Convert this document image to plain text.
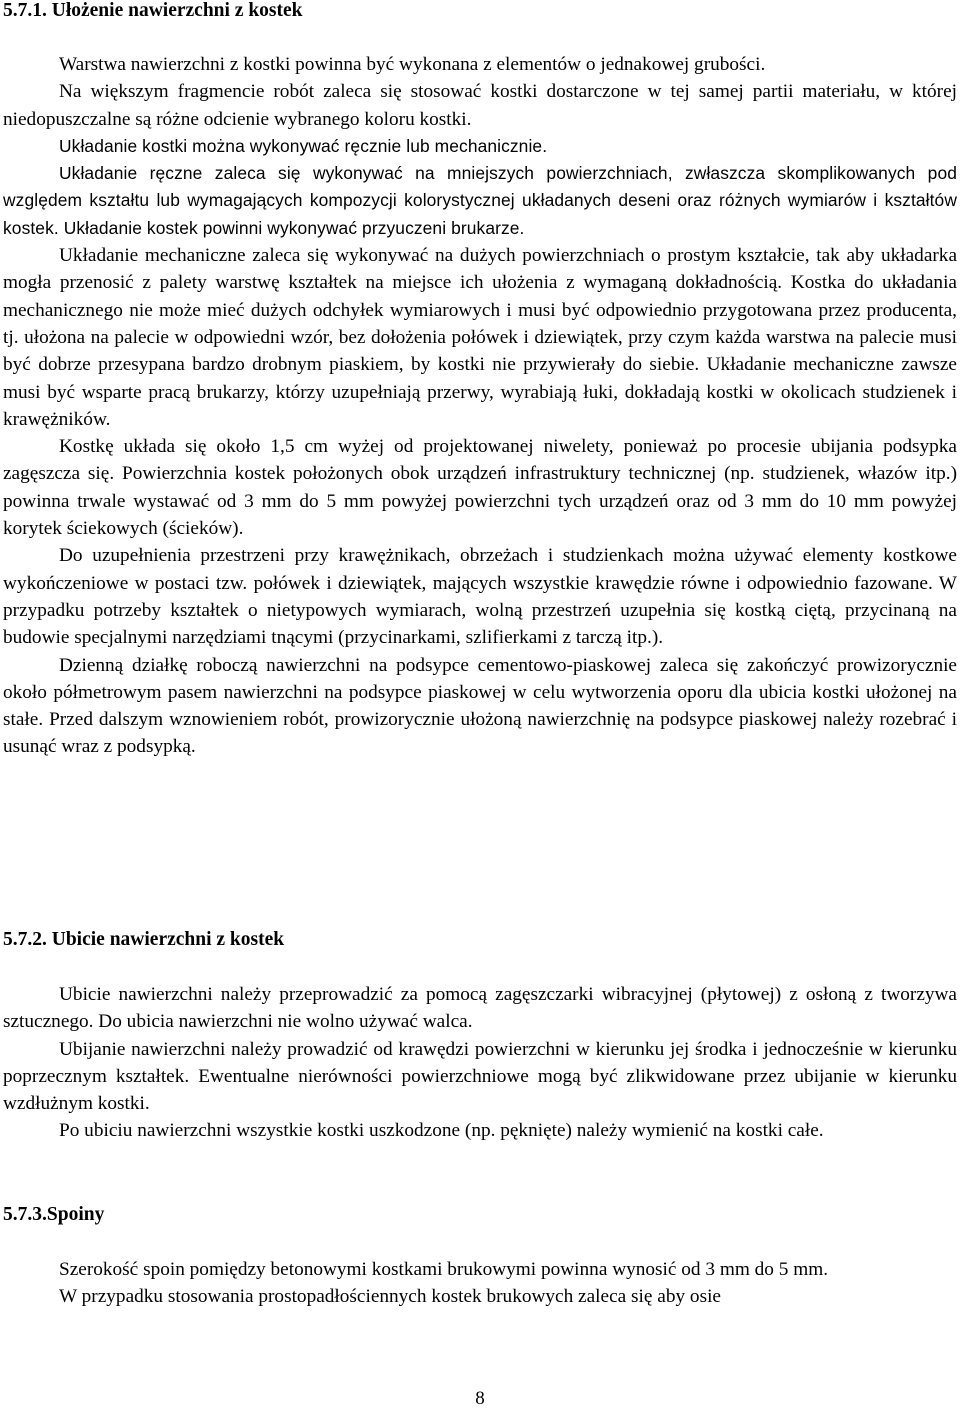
5.7.1. Ułożenie nawierzchni z kostek

Warstwa nawierzchni z kostki powinna być wykonana z elementów o jednakowej grubości.

Na większym fragmencie robót zaleca się stosować kostki dostarczone w tej samej partii materiału, w której niedopuszczalne są różne odcienie wybranego koloru kostki.

Układanie kostki można wykonywać ręcznie lub mechanicznie.

Układanie ręczne zaleca się wykonywać na mniejszych powierzchniach, zwłaszcza skomplikowanych pod względem kształtu lub wymagających kompozycji kolorystycznej układanych deseni oraz różnych wymiarów i kształtów kostek. Układanie kostek powinni wykonywać przyuczeni brukarze.

Układanie mechaniczne zaleca się wykonywać na dużych powierzchniach o prostym kształcie, tak aby układarka mogła przenosić z palety warstwę kształtek na miejsce ich ułożenia z wymaganą dokładnością. Kostka do układania mechanicznego nie może mieć dużych odchyłek wymiarowych i musi być odpowiednio przygotowana przez producenta, tj. ułożona na palecie w odpowiedni wzór, bez dołożenia połówek i dziewiątek, przy czym każda warstwa na palecie musi być dobrze przesypana bardzo drobnym piaskiem, by kostki nie przywierały do siebie. Układanie mechaniczne zawsze musi być wsparte pracą brukarzy, którzy uzupełniają przerwy, wyrabiają łuki, dokładają kostki w okolicach studzienek i krawężników.

Kostkę układa się około 1,5 cm wyżej od projektowanej niwelety, ponieważ po procesie ubijania podsypka zagęszcza się. Powierzchnia kostek położonych obok urządzeń infrastruktury technicznej (np. studzienek, włazów itp.) powinna trwale wystawać od 3 mm do 5 mm powyżej powierzchni tych urządzeń oraz od 3 mm do 10 mm powyżej korytek ściekowych (ścieków).

Do uzupełnienia przestrzeni przy krawężnikach, obrzeżach i studzienkach można używać elementy kostkowe wykończeniowe w postaci tzw. połówek i dziewiątek, mających wszystkie krawędzie równe i odpowiednio fazowane. W przypadku potrzeby kształtek o nietypowych wymiarach, wolną przestrzeń uzupełnia się kostką ciętą, przycinaną na budowie specjalnymi narzędziami tnącymi (przycinarkami, szlifierkami z tarczą itp.).

Dzienną działkę roboczą nawierzchni na podsypce cementowo-piaskowej zaleca się zakończyć prowizorycznie około półmetrowym pasem nawierzchni na podsypce piaskowej w celu wytworzenia oporu dla ubicia kostki ułożonej na stałe. Przed dalszym wznowieniem robót, prowizorycznie ułożoną nawierzchnię na podsypce piaskowej należy rozebrać i usunąć wraz z podsypką.

5.7.2. Ubicie nawierzchni z kostek

Ubicie nawierzchni należy przeprowadzić za pomocą zagęszczarki wibracyjnej (płytowej) z osłoną z tworzywa sztucznego. Do ubicia nawierzchni nie wolno używać walca.

Ubijanie nawierzchni należy prowadzić od krawędzi powierzchni w kierunku jej środka i jednocześnie w kierunku poprzecznym kształtek. Ewentualne nierówności powierzchniowe mogą być zlikwidowane przez ubijanie w kierunku wzdłużnym kostki.

Po ubiciu nawierzchni wszystkie kostki uszkodzone (np. pęknięte) należy wymienić na kostki całe.

5.7.3.Spoiny

Szerokość spoin pomiędzy betonowymi kostkami brukowymi powinna wynosić od 3 mm do 5 mm.

W przypadku stosowania prostopadłościennych kostek brukowych zaleca się aby osie

8
